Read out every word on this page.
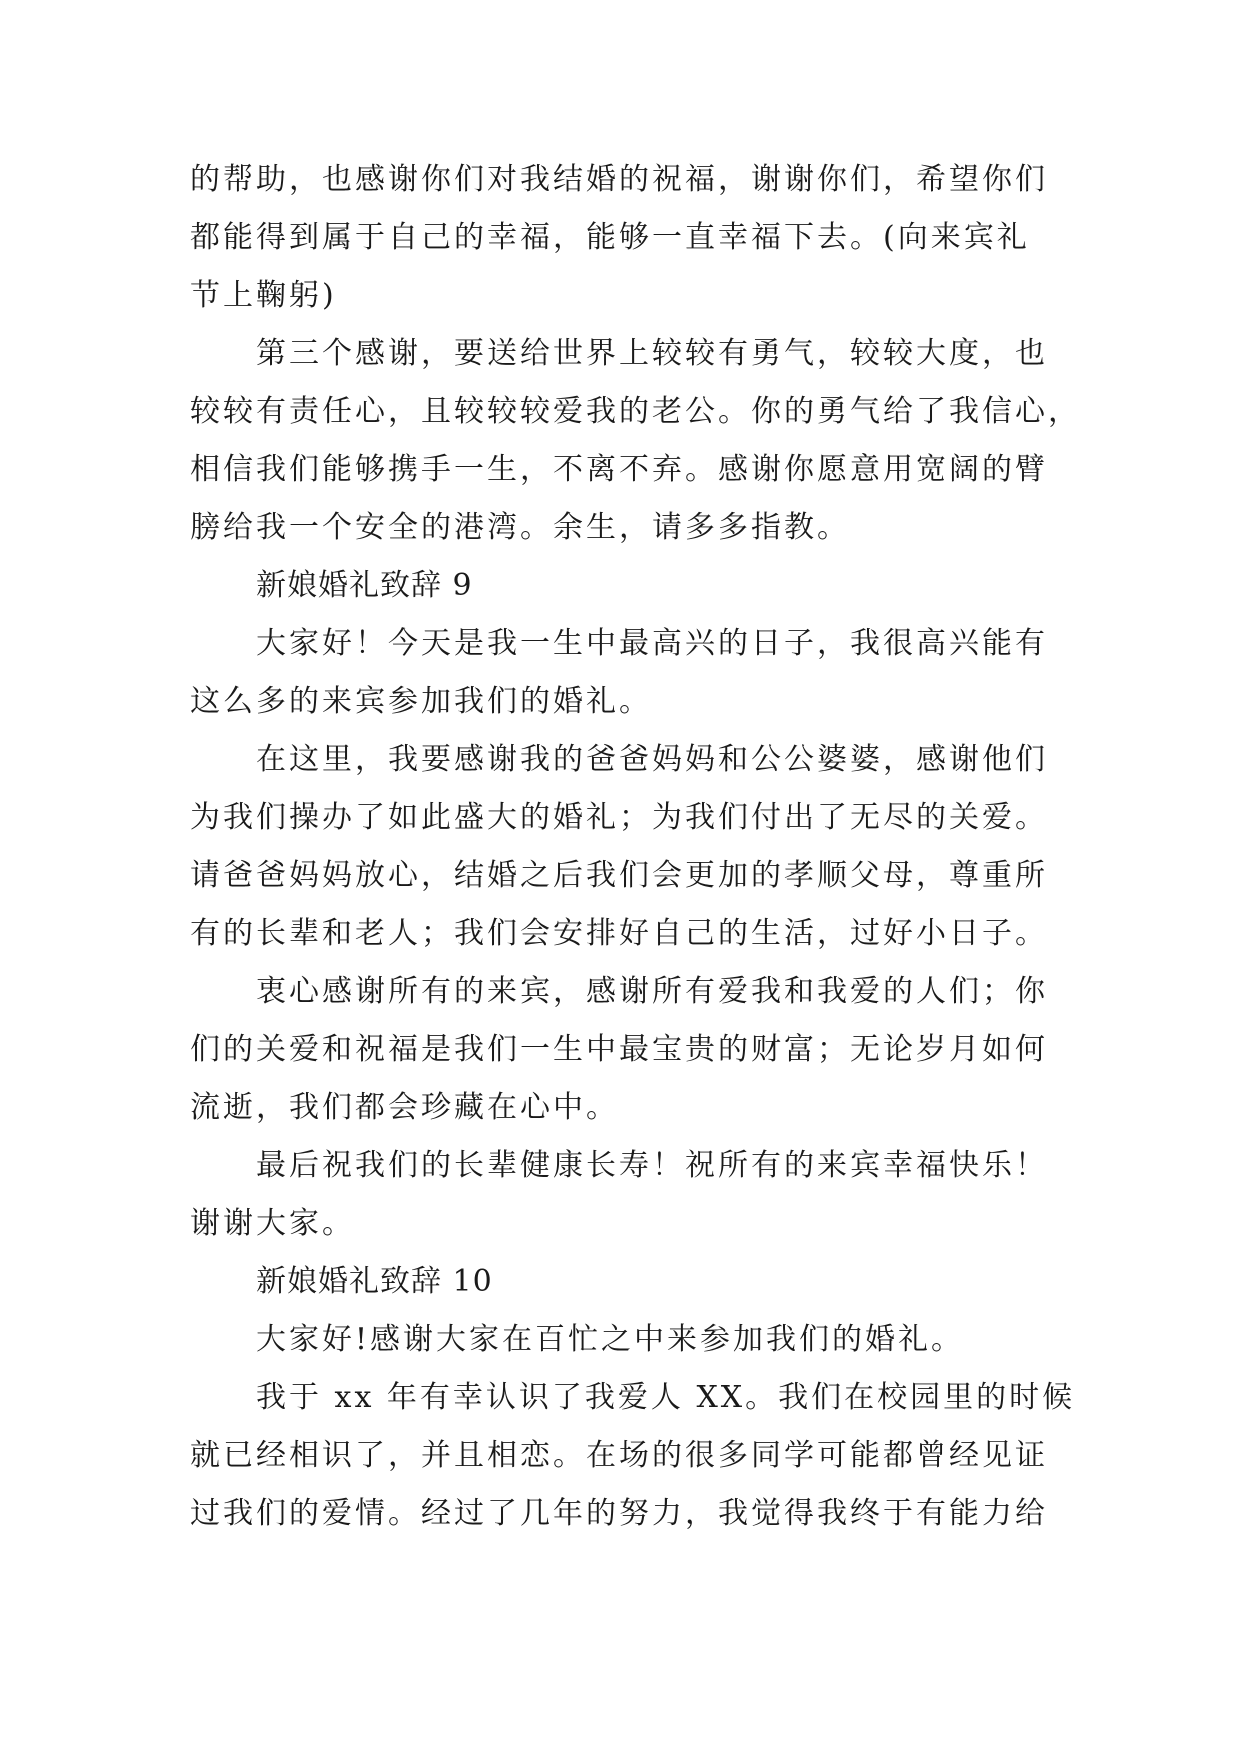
的帮助，也感谢你们对我结婚的祝福，谢谢你们，希望你们
都能得到属于自己的幸福，能够一直幸福下去。(向来宾礼
节上鞠躬)
第三个感谢，要送给世界上较较有勇气，较较大度，也
较较有责任心，且较较较爱我的老公。你的勇气给了我信心，
相信我们能够携手一生，不离不弃。感谢你愿意用宽阔的臂
膀给我一个安全的港湾。余生，请多多指教。
新娘婚礼致辞 9
大家好！今天是我一生中最高兴的日子，我很高兴能有
这么多的来宾参加我们的婚礼。
在这里，我要感谢我的爸爸妈妈和公公婆婆，感谢他们
为我们操办了如此盛大的婚礼；为我们付出了无尽的关爱。
请爸爸妈妈放心，结婚之后我们会更加的孝顺父母，尊重所
有的长辈和老人；我们会安排好自己的生活，过好小日子。
衷心感谢所有的来宾，感谢所有爱我和我爱的人们；你
们的关爱和祝福是我们一生中最宝贵的财富；无论岁月如何
流逝，我们都会珍藏在心中。
最后祝我们的长辈健康长寿！祝所有的来宾幸福快乐！
谢谢大家。
新娘婚礼致辞 10
大家好!感谢大家在百忙之中来参加我们的婚礼。
我于 xx 年有幸认识了我爱人 XX。我们在校园里的时候
就已经相识了，并且相恋。在场的很多同学可能都曾经见证
过我们的爱情。经过了几年的努力，我觉得我终于有能力给
